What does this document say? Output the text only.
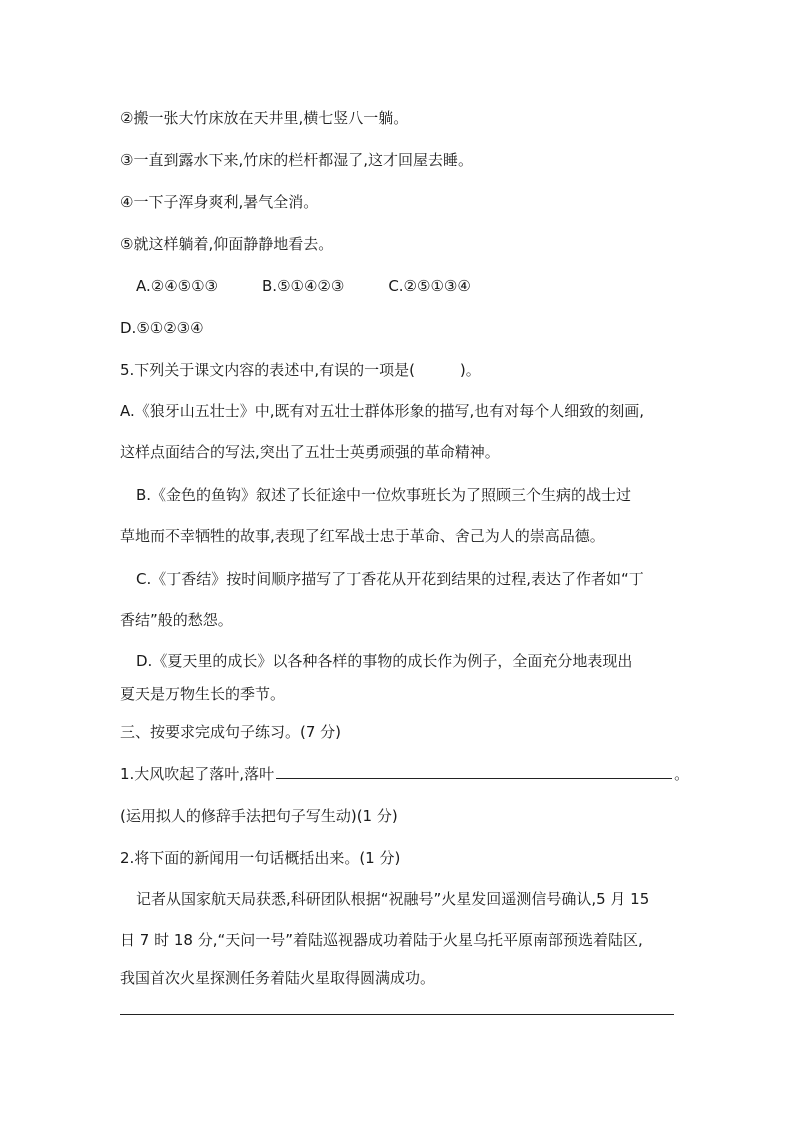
②搬一张大竹床放在天井里,横七竖八一躺。
③一直到露水下来,竹床的栏杆都湿了,这才回屋去睡。
④一下子浑身爽利,暑气全消。
⑤就这样躺着,仰面静静地看去。
A.②④⑤①③	B.⑤①④②③	C.②⑤①③④
D.⑤①②③④
5.下列关于课文内容的表述中,有误的一项是(　　　)。
A.《狼牙山五壮士》中,既有对五壮士群体形象的描写,也有对每个人细致的刻画,
这样点面结合的写法,突出了五壮士英勇顽强的革命精神。
B.《金色的鱼钩》叙述了长征途中一位炊事班长为了照顾三个生病的战士过
草地而不幸牺牲的故事,表现了红军战士忠于革命、舍己为人的崇高品德。
C.《丁香结》按时间顺序描写了丁香花从开花到结果的过程,表达了作者如“丁
香结”般的愁怨。
D.《夏天里的成长》以各种各样的事物的成长作为例子，全面充分地表现出
夏天是万物生长的季节。
三、按要求完成句子练习。(7 分)
1.大风吹起了落叶,落叶	。
(运用拟人的修辞手法把句子写生动)(1 分)
2.将下面的新闻用一句话概括出来。(1 分)
记者从国家航天局获悉,科研团队根据“祝融号”火星发回遥测信号确认,5 月 15
日 7 时 18 分,“天问一号”着陆巡视器成功着陆于火星乌托平原南部预选着陆区,
我国首次火星探测任务着陆火星取得圆满成功。
